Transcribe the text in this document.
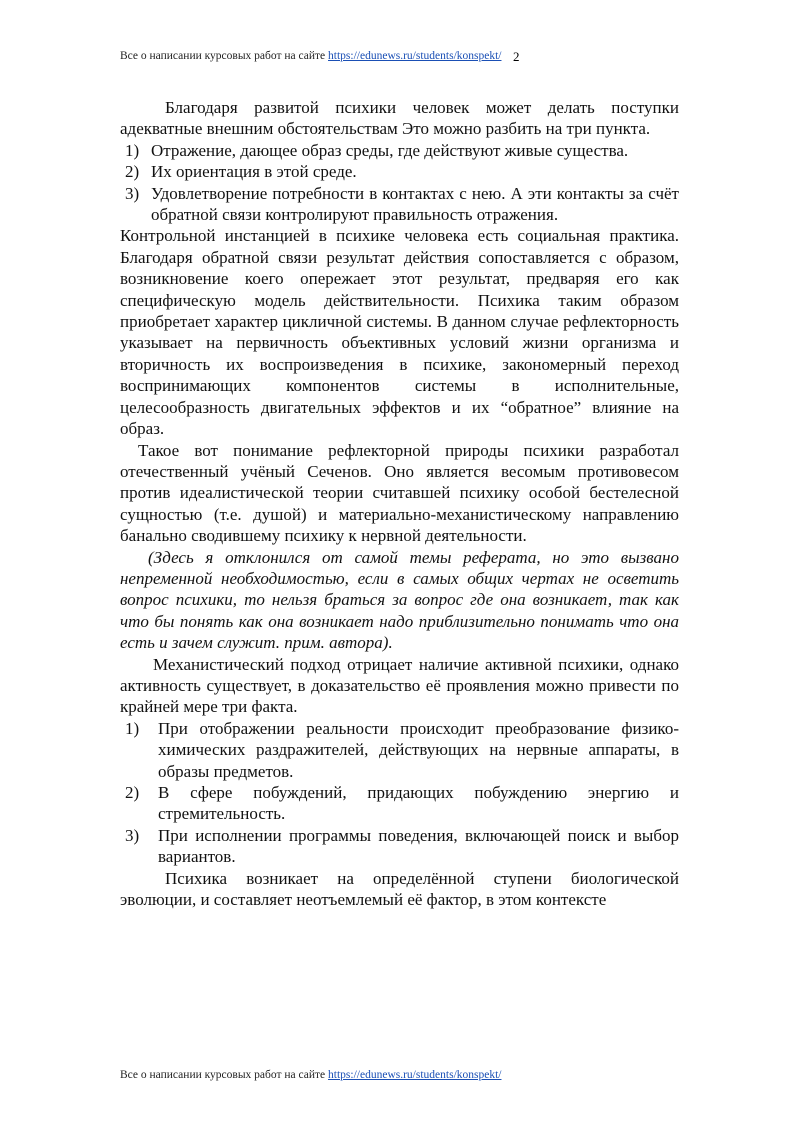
Все о написании курсовых работ на сайте https://edunews.ru/students/konspekt/ 2

Благодаря развитой психики человек может делать поступки адекватные внешним обстоятельствам Это можно разбить на три пункта.

1) Отражение, дающее образ среды, где действуют живые существа.
2) Их ориентация в этой среде.
3) Удовлетворение потребности в контактах с нею. А эти контакты за счёт обратной связи контролируют правильность отражения.

Контрольной инстанцией в психике человека есть социальная практика. Благодаря обратной связи результат действия сопоставляется с образом, возникновение коего опережает этот результат, предваряя его как специфическую модель действительности. Психика таким образом приобретает характер цикличной системы. В данном случае рефлекторность указывает на первичность объективных условий жизни организма и вторичность их воспроизведения в психике, закономерный переход воспринимающих компонентов системы в исполнительные, целесообразность двигательных эффектов и их “обратное” влияние на образ.

Такое вот понимание рефлекторной природы психики разработал отечественный учёный Сеченов. Оно является весомым противовесом против идеалистической теории считавшей психику особой бестелесной сущностью (т.е. душой) и материально-механистическому направлению банально сводившему психику к нервной деятельности.

(Здесь я отклонился от самой темы реферата, но это вызвано непременной необходимостью, если в самых общих чертах не осветить вопрос психики, то нельзя браться за вопрос где она возникает, так как что бы понять как она возникает надо приблизительно понимать что она есть и зачем служит. прим. автора).

Механистический подход отрицает наличие активной психики, однако активность существует, в доказательство её проявления можно привести по крайней мере три факта.

1) При отображении реальности происходит преобразование физико-химических раздражителей, действующих на нервные аппараты, в образы предметов.
2) В сфере побуждений, придающих побуждению энергию и стремительность.
3) При исполнении программы поведения, включающей поиск и выбор вариантов.

Психика возникает на определённой ступени биологической эволюции, и составляет неотъемлемый её фактор, в этом контексте

Все о написании курсовых работ на сайте https://edunews.ru/students/konspekt/
